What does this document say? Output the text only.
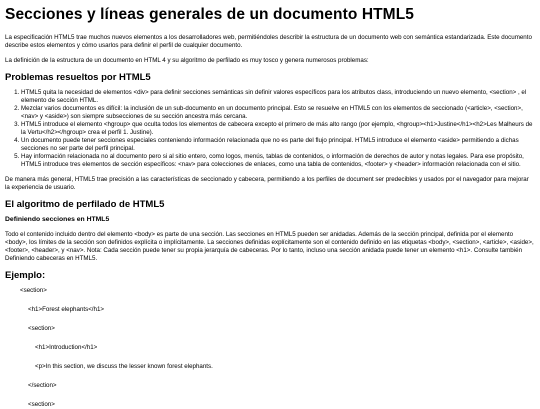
Secciones y líneas generales de un documento HTML5

La especificación HTML5 trae muchos nuevos elementos a los desarrolladores web, permitiéndoles describir la estructura de un documento web con semántica estandarizada. Este documento describe estos elementos y cómo usarlos para definir el perfil de cualquier documento.

La definición de la estructura de un documento en HTML 4 y su algoritmo de perfilado es muy tosco y genera numerosos problemas:

Problemas resueltos por HTML5
1. HTML5 quita la necesidad de elementos <div> para definir secciones semánticas sin definir valores específicos para los atributos class, introduciendo un nuevo elemento, <section> , el elemento de sección HTML.
2. Mezclar varios documentos es difícil: la inclusión de un sub-documento en un documento principal. Esto se resuelve en HTML5 con los elementos de seccionado (<article>, <section>, <nav> y <aside>) son siempre subsecciones de su sección ancestra más cercana.
3. HTML5 introduce el elemento <hgroup> que oculta todos los elementos de cabecera excepto el primero de más alto rango (por ejemplo, <hgroup><h1>Justine</h1><h2>Les Malheurs de la Vertu</h2></hgroup> crea el perfil 1. Justine).
4. Un documento puede tener secciones especiales conteniendo información relacionada que no es parte del flujo principal. HTML5 introduce el elemento <aside> permitiendo a dichas secciones no ser parte del perfil principal.
5. Hay información relacionada no al documento pero si al sitio entero, como logos, menús, tablas de contenidos, o información de derechos de autor y notas legales. Para ese propósito, HTML5 introduce tres elementos de sección específicos: <nav> para colecciones de enlaces, como una tabla de contenidos, <footer> y <header> información relacionada con el sitio.

De manera más general, HTML5 trae precisión a las características de seccionado y cabecera, permitiendo a los perfiles de document ser predecibles y usados por el navegador para mejorar la experiencia de usuario.

El algoritmo de perfilado de HTML5
Definiendo secciones en HTML5

Todo el contenido incluido dentro del elemento <body> es parte de una sección. Las secciones en HTML5 pueden ser anidadas. Además de la sección principal, definida por el elemento <body>, los límites de la sección son definidos explícita o implícitamente. La secciones definidas explícitamente son el contenido definido en las etiquetas <body>, <section>, <article>, <aside>, <footer>, <header>, y <nav>. Nota: Cada sección puede tener su propia jerarquía de cabeceras. Por lo tanto, incluso una sección anidada puede tener un elemento <h1>. Consulte también Definiendo cabeceras en HTML5.

Ejemplo:
<section>
<h1>Forest elephants</h1>
<section>
<h1>Introduction</h1>
<p>In this section, we discuss the lesser known forest elephants.
</section>
<section>
